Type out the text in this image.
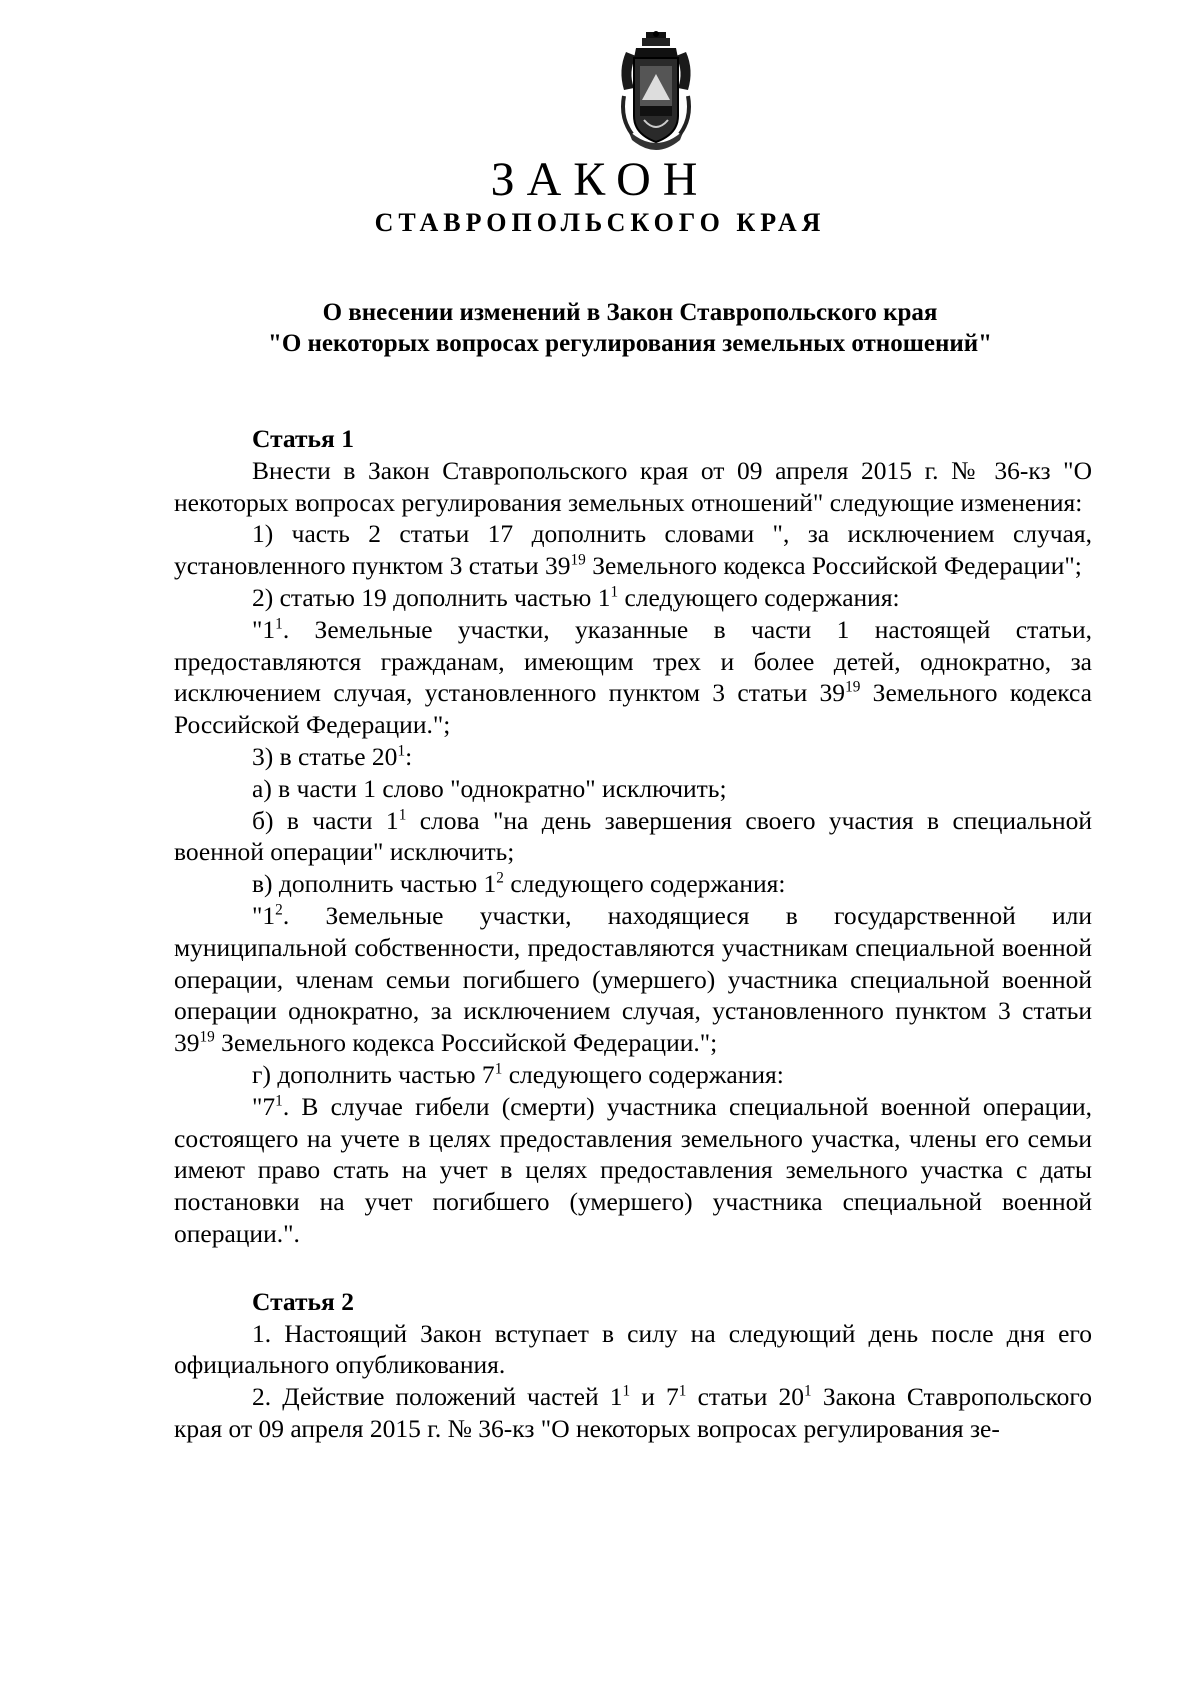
ЗАКОН
СТАВРОПОЛЬСКОГО КРАЯ
О внесении изменений в Закон Ставропольского края
"О некоторых вопросах регулирования земельных отношений"

Статья 1

Внести в Закон Ставропольского края от 09 апреля 2015 г. № 36-кз "О некоторых вопросах регулирования земельных отношений" следующие изменения:

1) часть 2 статьи 17 дополнить словами ", за исключением случая, установленного пунктом 3 статьи $39^{19}$ Земельного кодекса Российской Федерации";

2) статью 19 дополнить частью $1^1$ следующего содержания:

"$1^1$. Земельные участки, указанные в части 1 настоящей статьи, предоставляются гражданам, имеющим трех и более детей, однократно, за исключением случая, установленного пунктом 3 статьи $39^{19}$ Земельного кодекса Российской Федерации.";

3) в статье $20^1$:

а) в части 1 слово "однократно" исключить;

б) в части $1^1$ слова "на день завершения своего участия в специальной военной операции" исключить;

в) дополнить частью $1^2$ следующего содержания:

"$1^2$. Земельные участки, находящиеся в государственной или муниципальной собственности, предоставляются участникам специальной военной операции, членам семьи погибшего (умершего) участника специальной военной операции однократно, за исключением случая, установленного пунктом 3 статьи $39^{19}$ Земельного кодекса Российской Федерации.";

г) дополнить частью $7^1$ следующего содержания:

"$7^1$. В случае гибели (смерти) участника специальной военной операции, состоящего на учете в целях предоставления земельного участка, члены его семьи имеют право стать на учет в целях предоставления земельного участка с даты постановки на учет погибшего (умершего) участника специальной военной операции.".

Статья 2

1. Настоящий Закон вступает в силу на следующий день после дня его официального опубликования.

2. Действие положений частей $1^1$ и $7^1$ статьи $20^1$ Закона Ставропольского края от 09 апреля 2015 г. № 36-кз "О некоторых вопросах регулирования зе-
